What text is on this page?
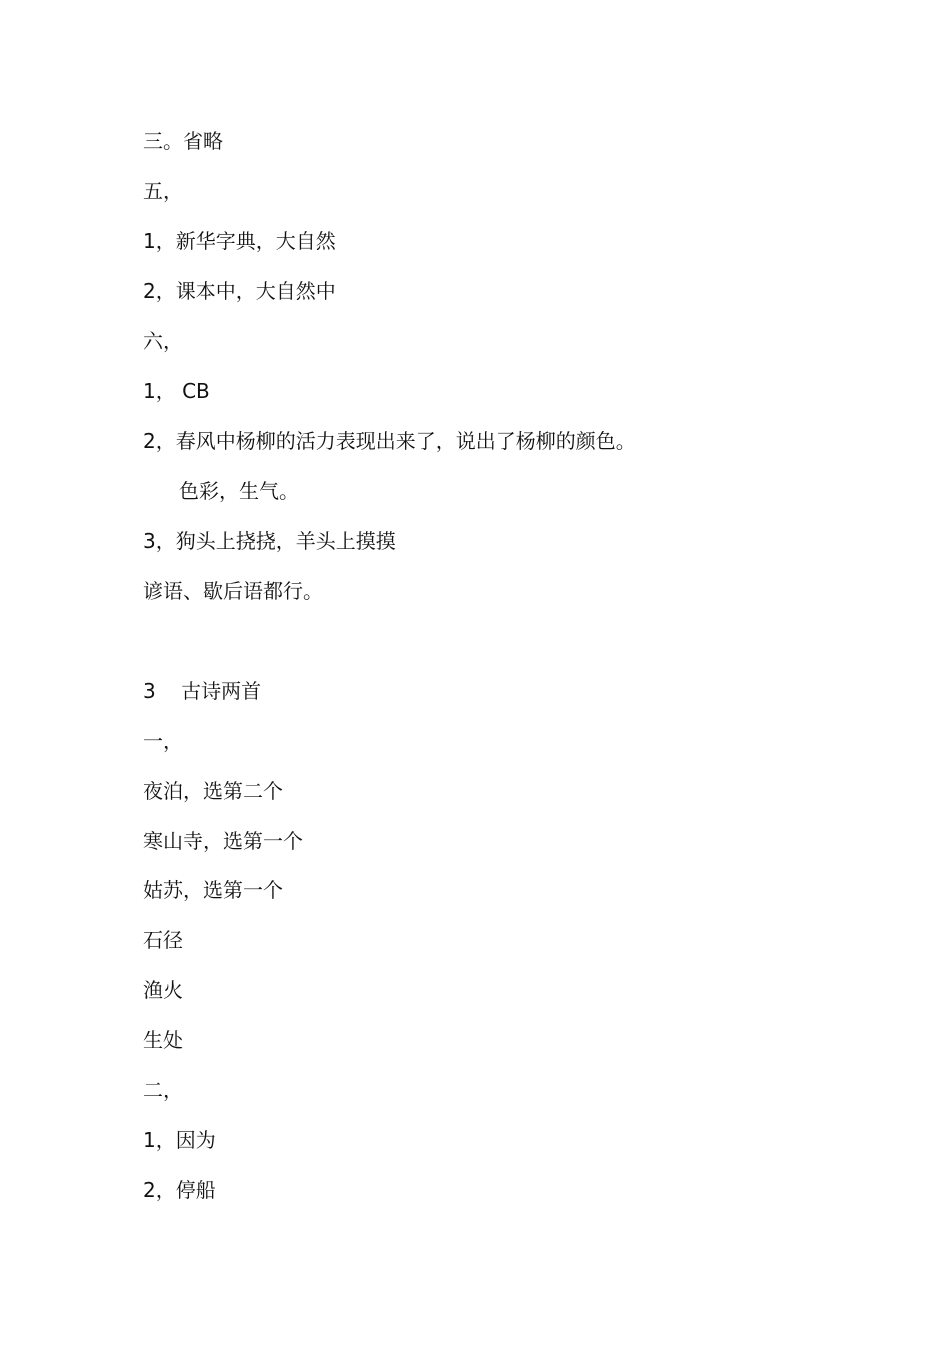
三。省略
五，
1，新华字典，大自然
2，课本中，大自然中
六，
1， CB
2，春风中杨柳的活力表现出来了，说出了杨柳的颜色。
色彩，生气。
3，狗头上挠挠，羊头上摸摸
谚语、歇后语都行。
3    古诗两首
一，
夜泊，选第二个
寒山寺，选第一个
姑苏，选第一个
石径
渔火
生处
二，
1，因为
2，停船
